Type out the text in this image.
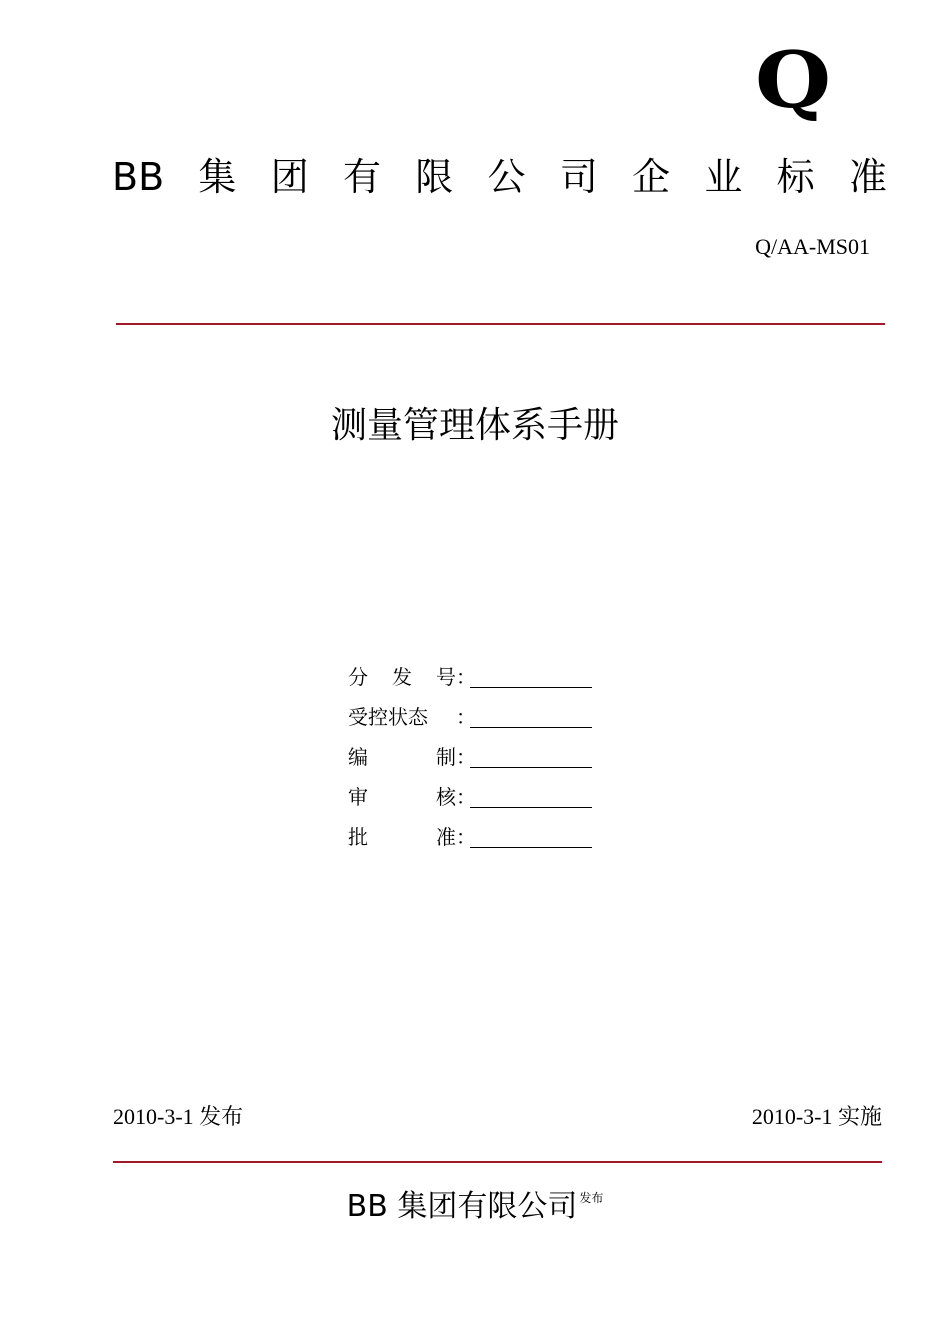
Q
BB 集 团 有 限 公 司 企 业 标 准
Q/AA-MS01
测量管理体系手册
分 发 号 ：
受控状态 ：
编	制 ：
审	核 ：
批	准 ：
2010-3-1 发布	2010-3-1 实施
BB 集团有限公司 $^{发布}$
